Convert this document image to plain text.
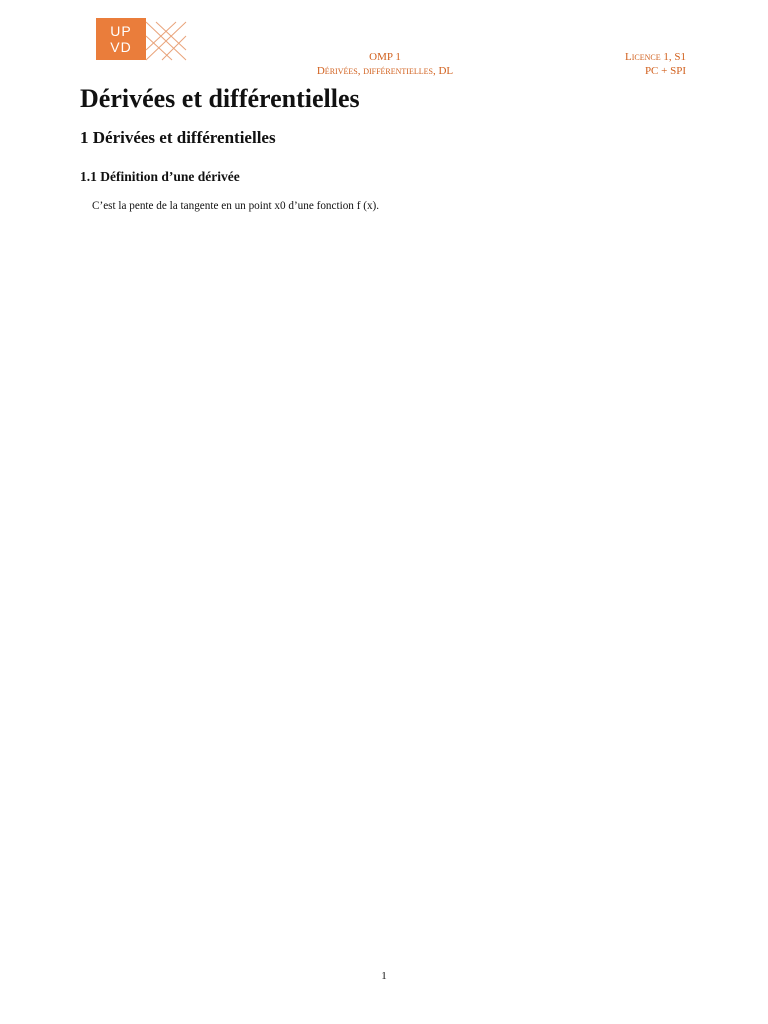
UP
VD
OMP 1
Dérivées, différentielles, DL
Licence 1, S1
PC + SPI
Dérivées et différentielles
1 Dérivées et différentielles
1.1 Définition d’une dérivée

C’est la pente de la tangente en un point x0 d’une fonction f (x).

1
